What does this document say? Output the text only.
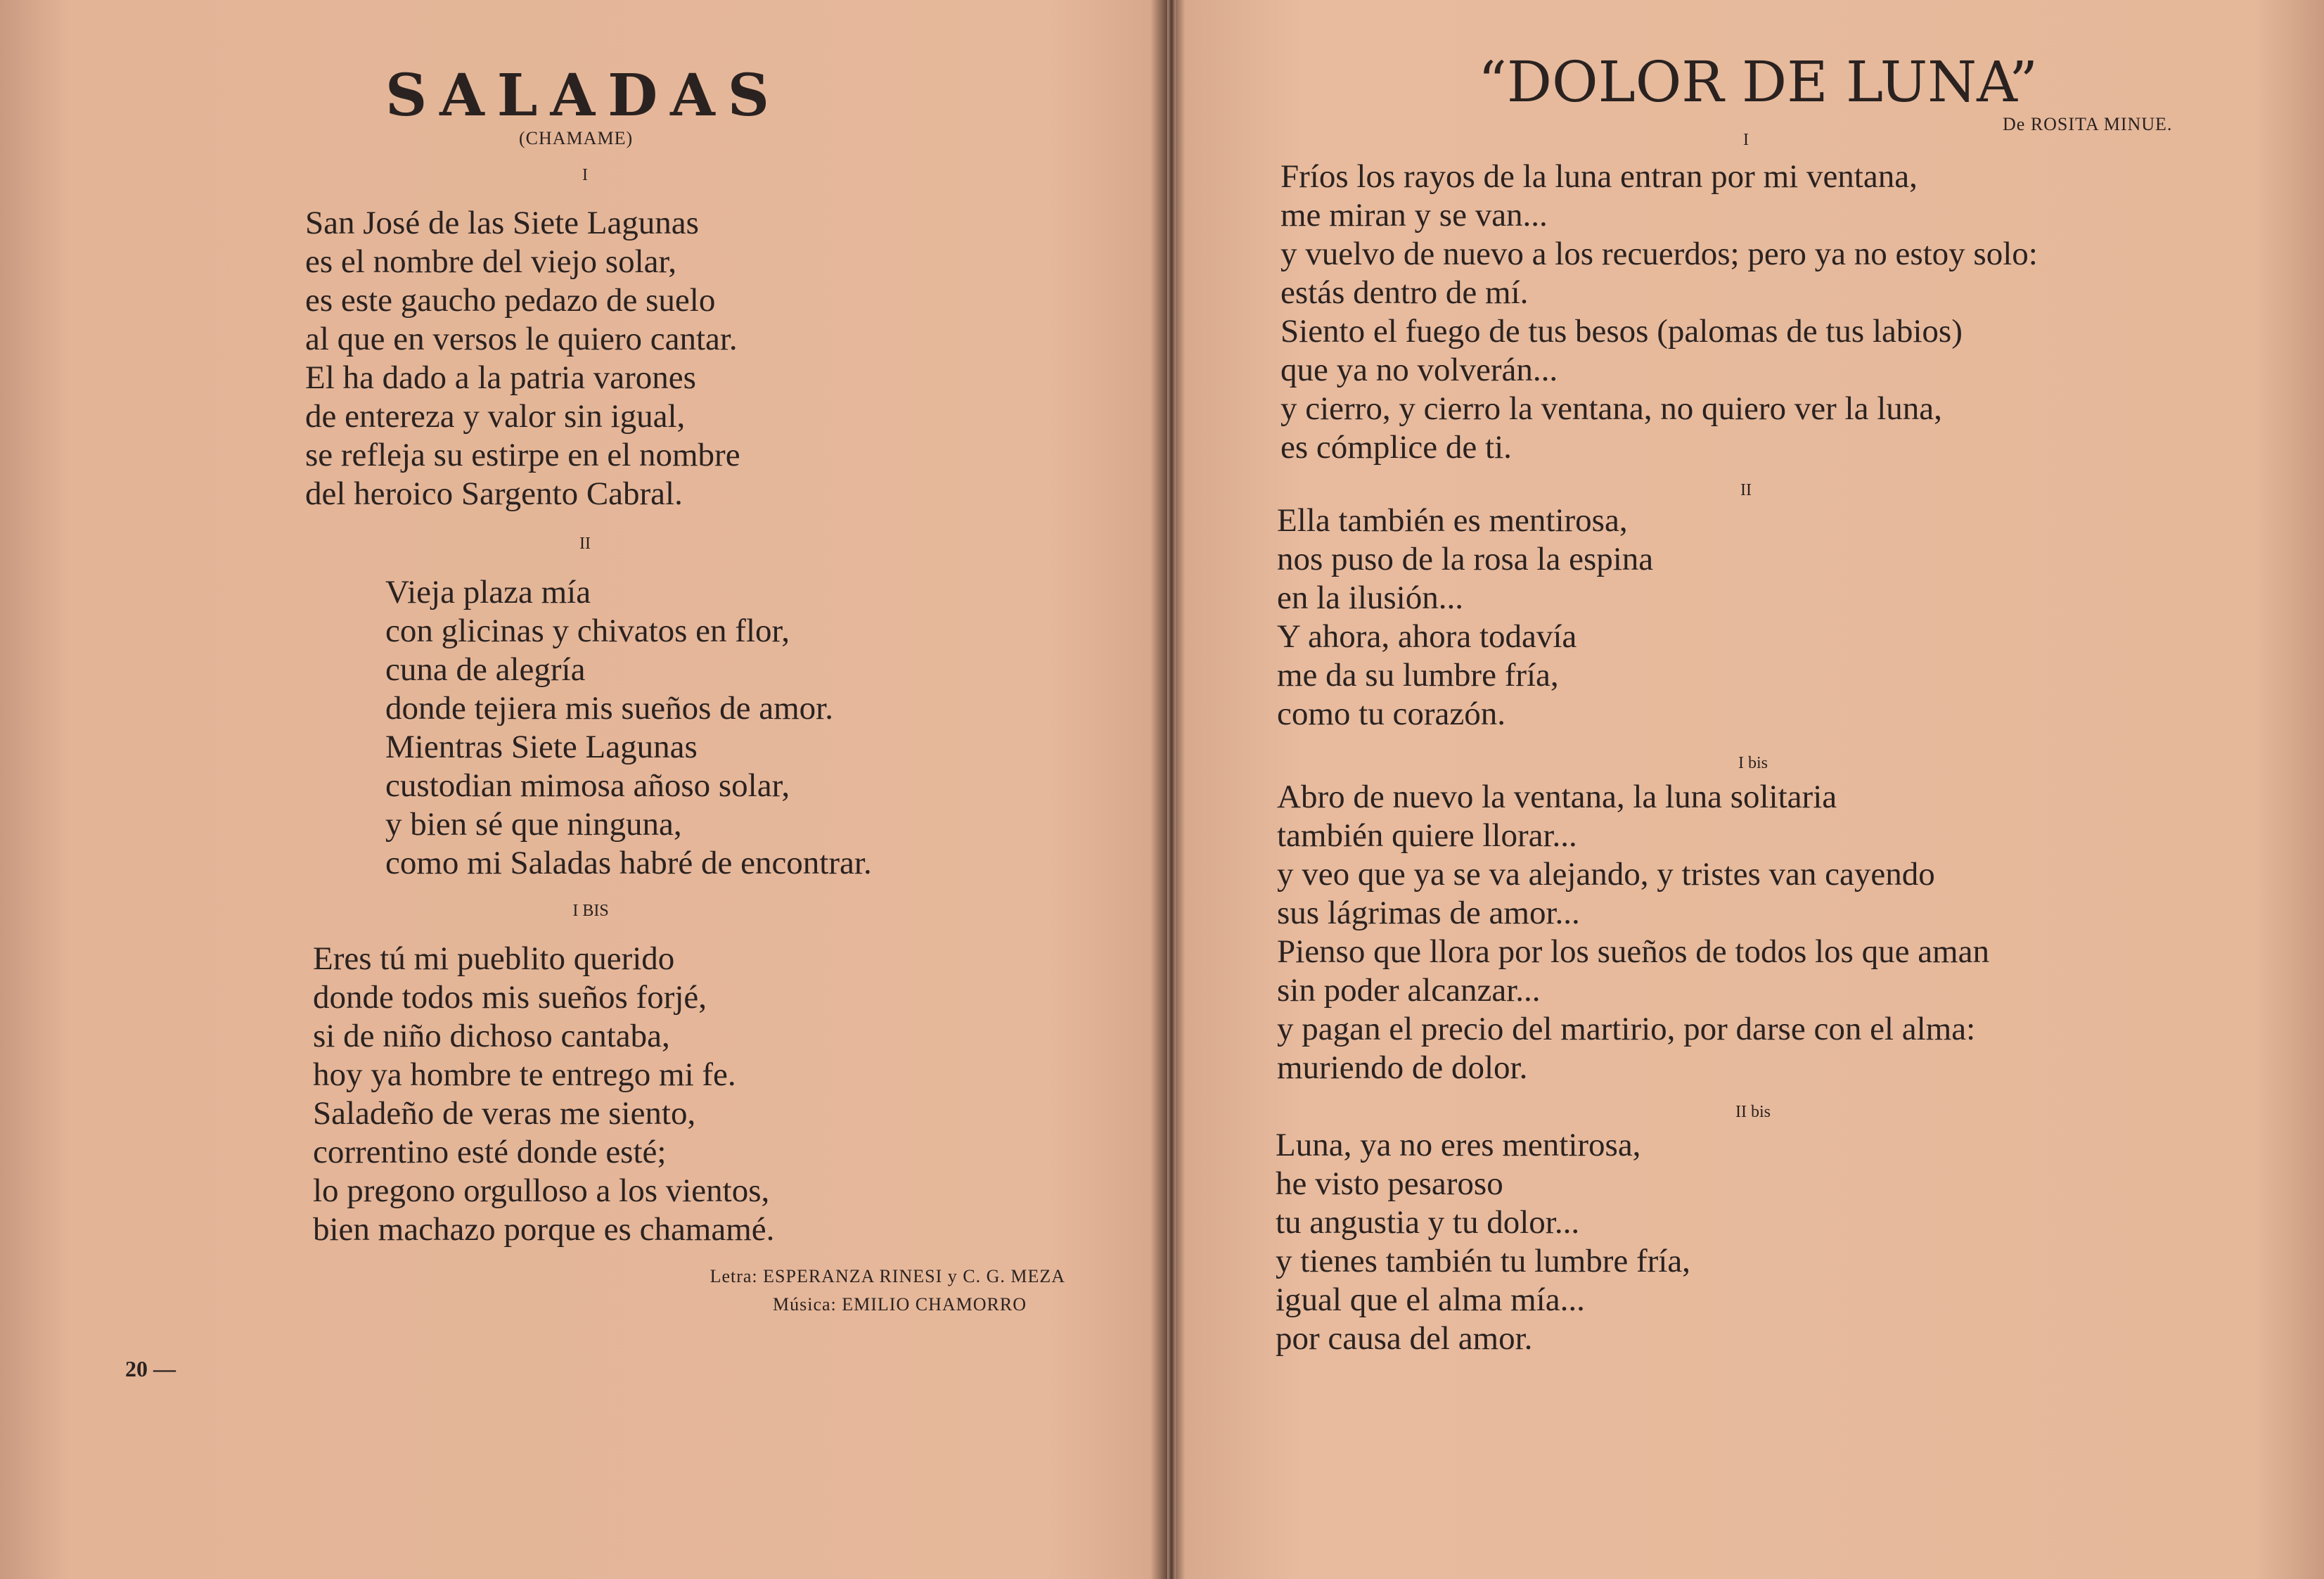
SALADAS
(CHAMAME)
I
San José de las Siete Lagunas
es el nombre del viejo solar,
es este gaucho pedazo de suelo
al que en versos le quiero cantar.
El ha dado a la patria varones
de entereza y valor sin igual,
se refleja su estirpe en el nombre
del heroico Sargento Cabral.
II
Vieja plaza mía
con glicinas y chivatos en flor,
cuna de alegría
donde tejiera mis sueños de amor.
Mientras Siete Lagunas
custodian mimosa añoso solar,
y bien sé que ninguna,
como mi Saladas habré de encontrar.
I BIS
Eres tú mi pueblito querido
donde todos mis sueños forjé,
si de niño dichoso cantaba,
hoy ya hombre te entrego mi fe.
Saladeño de veras me siento,
correntino esté donde esté;
lo pregono orgulloso a los vientos,
bien machazo porque es chamamé.
Letra: ESPERANZA RINESI y C. G. MEZA
Música: EMILIO CHAMORRO
20 —
“DOLOR DE LUNA”
De ROSITA MINUE.
I
Fríos los rayos de la luna entran por mi ventana,
me miran y se van...
y vuelvo de nuevo a los recuerdos; pero ya no estoy solo:
estás dentro de mí.
Siento el fuego de tus besos (palomas de tus labios)
que ya no volverán...
y cierro, y cierro la ventana, no quiero ver la luna,
es cómplice de ti.
II
Ella también es mentirosa,
nos puso de la rosa la espina
en la ilusión...
Y ahora, ahora todavía
me da su lumbre fría,
como tu corazón.
I bis
Abro de nuevo la ventana, la luna solitaria
también quiere llorar...
y veo que ya se va alejando, y tristes van cayendo
sus lágrimas de amor...
Pienso que llora por los sueños de todos los que aman
sin poder alcanzar...
y pagan el precio del martirio, por darse con el alma:
muriendo de dolor.
II bis
Luna, ya no eres mentirosa,
he visto pesaroso
tu angustia y tu dolor...
y tienes también tu lumbre fría,
igual que el alma mía...
por causa del amor.
